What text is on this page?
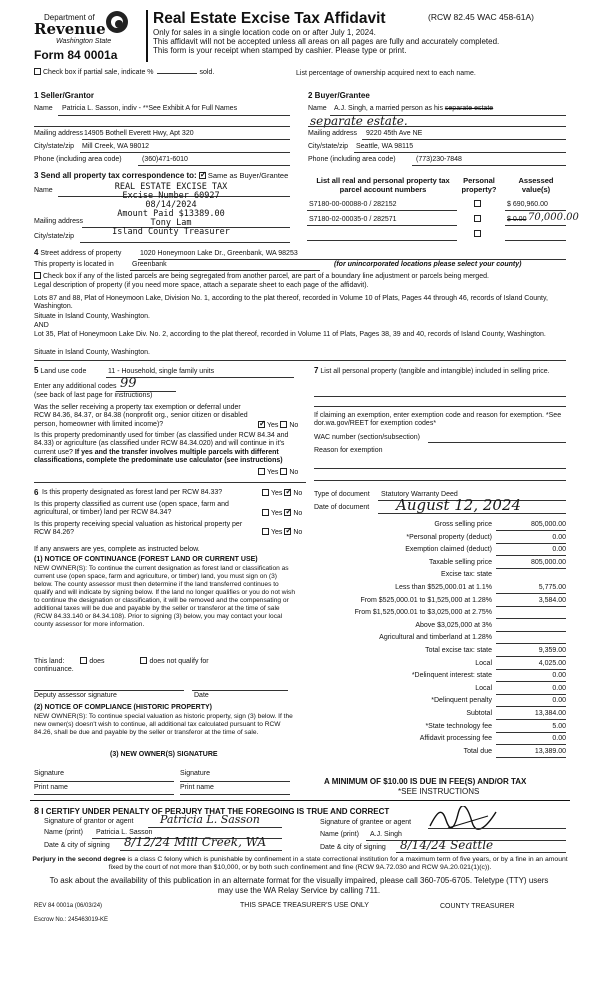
Department of
Revenue
Washington State
Form 84 0001a
Real Estate Excise Tax Affidavit	(RCW 82.45 WAC 458-61A)
Only for sales in a single location code on or after July 1, 2024.
This affidavit will not be accepted unless all areas on all pages are fully and accurately completed.
This form is your receipt when stamped by cashier. Please type or print.
Check box if partial sale, indicate %	sold.	List percentage of ownership acquired next to each name.
1 Seller/Grantor
Name Patricia L. Sasson, indiv - **See Exhibit A for Full Names
Mailing address 14905 Bothell Everett Hwy, Apt 320
City/state/zip Mill Creek, WA 98012
Phone (including area code)	(360)471-6010
2 Buyer/Grantee
Name A.J. Singh, a married person as his separate estate
separate estate.
Mailing address 9220 45th Ave NE
City/state/zip Seattle, WA 98115
Phone (including area code)	(773)230-7848
3 Send all property tax correspondence to: ✓ Same as Buyer/Grantee
Name
Mailing address
City/state/zip
REAL ESTATE EXCISE TAX
Excise Number 60927
08/14/2024
Amount Paid $13389.00
Tony Lam
Island County Treasurer
List all real and personal property tax parcel account numbers
Personal property?
Assessed value(s)
S7180-00-00088-0 / 282152	$ 690,960.00
S7180-02-00035-0 / 282571	$ 0.00 70,000.00
4 Street address of property	1020 Honeymoon Lake Dr., Greenbank, WA 98253
This property is located in	Greenbank	(for unincorporated locations please select your county)
Check box if any of the listed parcels are being segregated from another parcel, are part of a boundary line adjustment or parcels being merged.
Legal description of property (if you need more space, attach a separate sheet to each page of the affidavit).
Lots 87 and 88, Plat of Honeymoon Lake, Division No. 1, according to the plat thereof, recorded in Volume 10 of Plats, Pages 44 through 46, records of Island County, Washington.
Situate in Island County, Washington.
AND
Lot 35, Plat of Honeymoon Lake Div. No. 2, according to the plat thereof, recorded in Volume 11 of Plats, Pages 38, 39 and 40, records of Island County, Washington.
Situate in Island County, Washington.
5 Land use code	11 - Household, single family units
Enter any additional codes 99
(see back of last page for instructions)
Was the seller receiving a property tax exemption or deferral under RCW 84.36, 84.37, or 84.38 (nonprofit org., senior citizen or disabled person, homeowner with limited income)? ✓	Yes No
Is this property predominantly used for timber (as classified under RCW 84.34 and 84.33) or agriculture (as classified under RCW 84.34.020) and will continue in it's current use? If yes and the transfer involves multiple parcels with different classifications, complete the predominate use calculator (see instructions)
Yes No
7 List all personal property (tangible and intangible) included in selling price.
If claiming an exemption, enter exemption code and reason for exemption. *See dor.wa.gov/REET for exemption codes*
WAC number (section/subsection)
Reason for exemption
6 Is this property designated as forest land per RCW 84.33?	Yes ✓ No
Is this property classified as current use (open space, farm and agricultural, or timber) land per RCW 84.34?	Yes ✓ No
Is this property receiving special valuation as historical property per RCW 84.26?	Yes ✓ No
If any answers are yes, complete as instructed below.
(1) NOTICE OF CONTINUANCE (FOREST LAND OR CURRENT USE)
NEW OWNER(S): To continue the current designation as forest land or classification as current use (open space, farm and agriculture, or timber) land, you must sign on (3) below. The county assessor must then determine if the land transferred continues to qualify and will indicate by signing below. If the land no longer qualifies or you do not wish to continue the designation or classification, it will be removed and the compensating or additional taxes will be due and payable by the seller or transferor at the time of sale (RCW 84.33.140 or 84.34.108). Prior to signing (3) below, you may contact your local county assessor for more information.
This land:	does	does not qualify for
continuance.
Deputy assessor signature	Date
(2) NOTICE OF COMPLIANCE (HISTORIC PROPERTY)
NEW OWNER(S): To continue special valuation as historic property, sign (3) below. If the new owner(s) doesn't wish to continue, all additional tax calculated pursuant to RCW 84.26, shall be due and payable by the seller or transferor at the time of sale.
(3) NEW OWNER(S) SIGNATURE
Signature	Signature
Print name	Print name
Type of document Statutory Warranty Deed
Date of document August 12, 2024
Gross selling price	805,000.00
*Personal property (deduct)	0.00
Exemption claimed (deduct)	0.00
Taxable selling price	805,000.00
Excise tax: state
Less than $525,000.01 at 1.1%	5,775.00
From $525,000.01 to $1,525,000 at 1.28%	3,584.00
From $1,525,000.01 to $3,025,000 at 2.75%
Above $3,025,000 at 3%
Agricultural and timberland at 1.28%
Total excise tax: state	9,359.00
Local	4,025.00
*Delinquent interest: state	0.00
Local	0.00
*Delinquent penalty	0.00
Subtotal	13,384.00
*State technology fee	5.00
Affidavit processing fee	0.00
Total due	13,389.00
A MINIMUM OF $10.00 IS DUE IN FEE(S) AND/OR TAX
*SEE INSTRUCTIONS
8 I CERTIFY UNDER PENALTY OF PERJURY THAT THE FOREGOING IS TRUE AND CORRECT
Signature of grantor or agent Patricia L. Sasson
Name (print) Patricia L. Sasson
Date & city of signing 8/12/24 Mill Creek, WA
Signature of grantee or agent
Name (print) A.J. Singh
Date & city of signing 8/14/24 Seattle
Perjury in the second degree is a class C felony which is punishable by confinement in a state correctional institution for a maximum term of five years, or by a fine in an amount fixed by the court of not more than $10,000, or by both such confinement and fine (RCW 9A.72.030 and RCW 9A.20.021(1)(c)).
To ask about the availability of this publication in an alternate format for the visually impaired, please call 360-705-6705. Teletype (TTY) users may use the WA Relay Service by calling 711.
REV 84 0001a (06/03/24)	THIS SPACE TREASURER'S USE ONLY	COUNTY TREASURER
Escrow No.: 245463019-KE
